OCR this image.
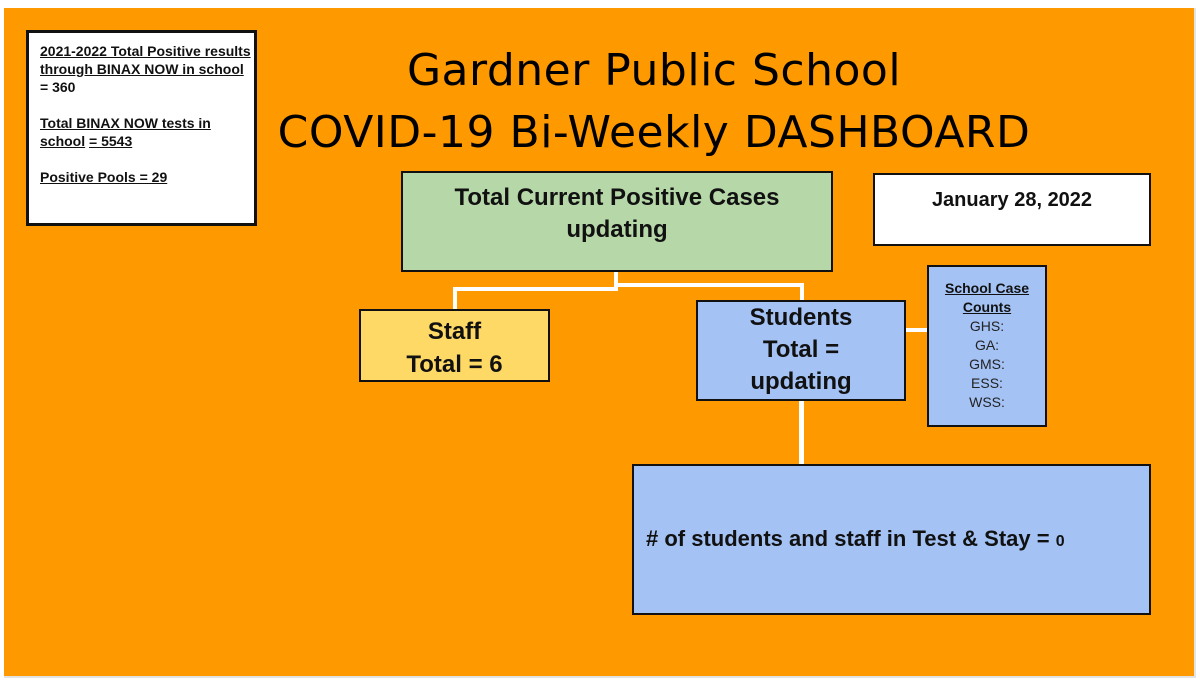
2021-2022 Total Positive results through BINAX NOW in school = 360
Total BINAX NOW tests in school = 5543
Positive Pools = 29
Gardner Public School
COVID-19 Bi-Weekly DASHBOARD
January 28, 2022
Total Current Positive Cases
updating
Staff
Total = 6
Students
Total =
updating
School Case
Counts
GHS:
GA:
GMS:
ESS:
WSS:
# of students and staff in Test & Stay = 0
